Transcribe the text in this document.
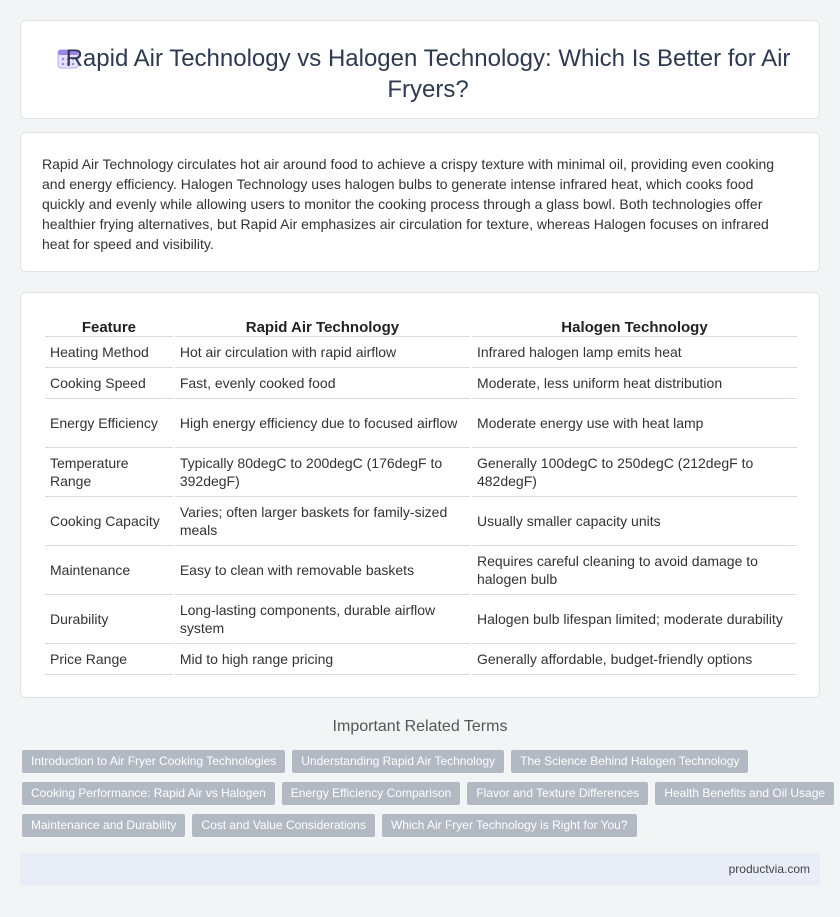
Rapid Air Technology vs Halogen Technology: Which Is Better for Air Fryers?

Rapid Air Technology circulates hot air around food to achieve a crispy texture with minimal oil, providing even cooking and energy efficiency. Halogen Technology uses halogen bulbs to generate intense infrared heat, which cooks food quickly and evenly while allowing users to monitor the cooking process through a glass bowl. Both technologies offer healthier frying alternatives, but Rapid Air emphasizes air circulation for texture, whereas Halogen focuses on infrared heat for speed and visibility.

Feature	Rapid Air Technology	Halogen Technology
Heating Method	Hot air circulation with rapid airflow	Infrared halogen lamp emits heat
Cooking Speed	Fast, evenly cooked food	Moderate, less uniform heat distribution
Energy Efficiency	High energy efficiency due to focused airflow	Moderate energy use with heat lamp
Temperature Range	Typically 80degC to 200degC (176degF to 392degF)	Generally 100degC to 250degC (212degF to 482degF)
Cooking Capacity	Varies; often larger baskets for family-sized meals	Usually smaller capacity units
Maintenance	Easy to clean with removable baskets	Requires careful cleaning to avoid damage to halogen bulb
Durability	Long-lasting components, durable airflow system	Halogen bulb lifespan limited; moderate durability
Price Range	Mid to high range pricing	Generally affordable, budget-friendly options
Important Related Terms
Introduction to Air Fryer Cooking Technologies	Understanding Rapid Air Technology	The Science Behind Halogen Technology
Cooking Performance: Rapid Air vs Halogen	Energy Efficiency Comparison	Flavor and Texture Differences	Health Benefits and Oil Usage
Maintenance and Durability	Cost and Value Considerations	Which Air Fryer Technology is Right for You?
productvia.com
